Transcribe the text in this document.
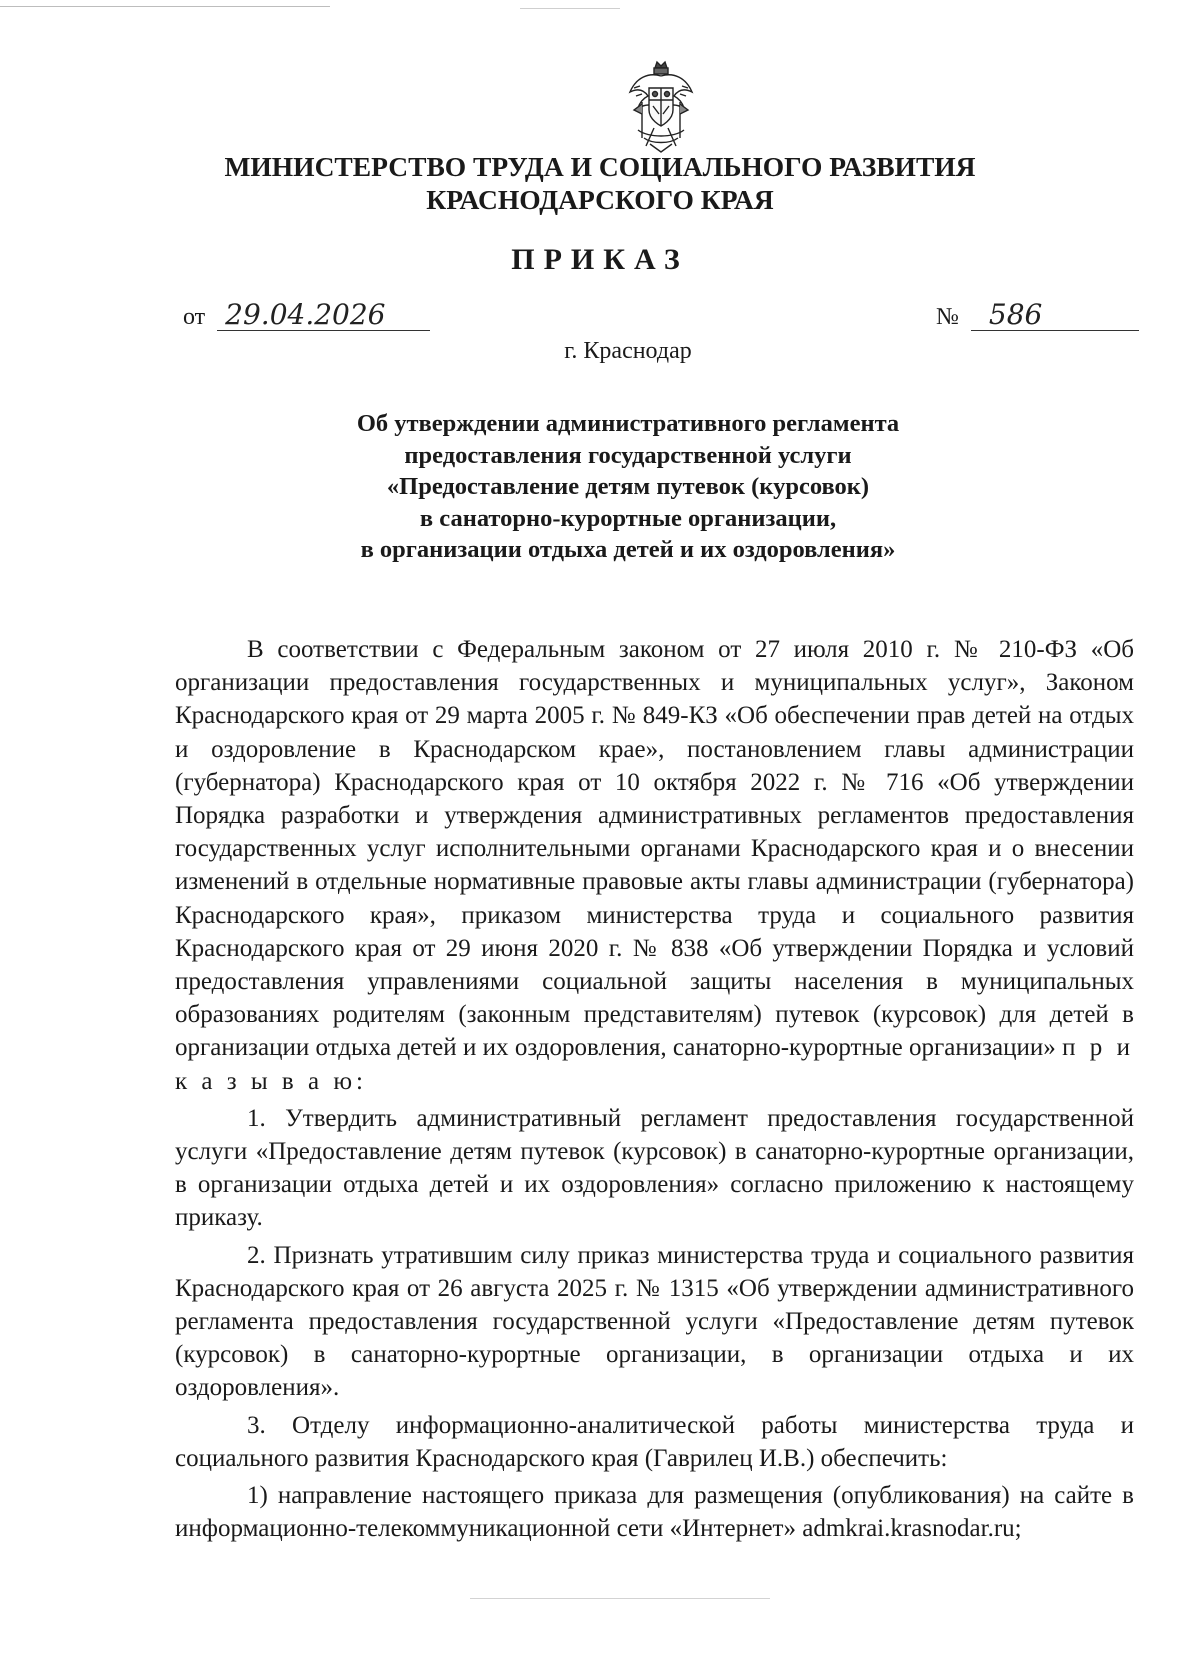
МИНИСТЕРСТВО ТРУДА И СОЦИАЛЬНОГО РАЗВИТИЯ
КРАСНОДАРСКОГО КРАЯ
ПРИКАЗ
от 29.04.2026	№ 586
г. Краснодар
Об утверждении административного регламента
предоставления государственной услуги
«Предоставление детям путевок (курсовок)
в санаторно-курортные организации,
в организации отдыха детей и их оздоровления»

В соответствии с Федеральным законом от 27 июля 2010 г. № 210-ФЗ «Об организации предоставления государственных и муниципальных услуг», Законом Краснодарского края от 29 марта 2005 г. № 849-КЗ «Об обеспечении прав детей на отдых и оздоровление в Краснодарском крае», постановлением главы администрации (губернатора) Краснодарского края от 10 октября 2022 г. № 716 «Об утверждении Порядка разработки и утверждения административных регламентов предоставления государственных услуг исполнительными органами Краснодарского края и о внесении изменений в отдельные нормативные правовые акты главы администрации (губернатора) Краснодарского края», приказом министерства труда и социального развития Краснодарского края от 29 июня 2020 г. № 838 «Об утверждении Порядка и условий предоставления управлениями социальной защиты населения в муниципальных образованиях родителям (законным представителям) путевок (курсовок) для детей в организации отдыха детей и их оздоровления, санаторно-курортные организации» п р и к а з ы в а ю:

1. Утвердить административный регламент предоставления государственной услуги «Предоставление детям путевок (курсовок) в санаторно-курортные организации, в организации отдыха детей и их оздоровления» согласно приложению к настоящему приказу.

2. Признать утратившим силу приказ министерства труда и социального развития Краснодарского края от 26 августа 2025 г. № 1315 «Об утверждении административного регламента предоставления государственной услуги «Предоставление детям путевок (курсовок) в санаторно-курортные организации, в организации отдыха и их оздоровления».

3. Отделу информационно-аналитической работы министерства труда и социального развития Краснодарского края (Гаврилец И.В.) обеспечить:

1) направление настоящего приказа для размещения (опубликования) на сайте в информационно-телекоммуникационной сети «Интернет» admkrai.krasnodar.ru;
